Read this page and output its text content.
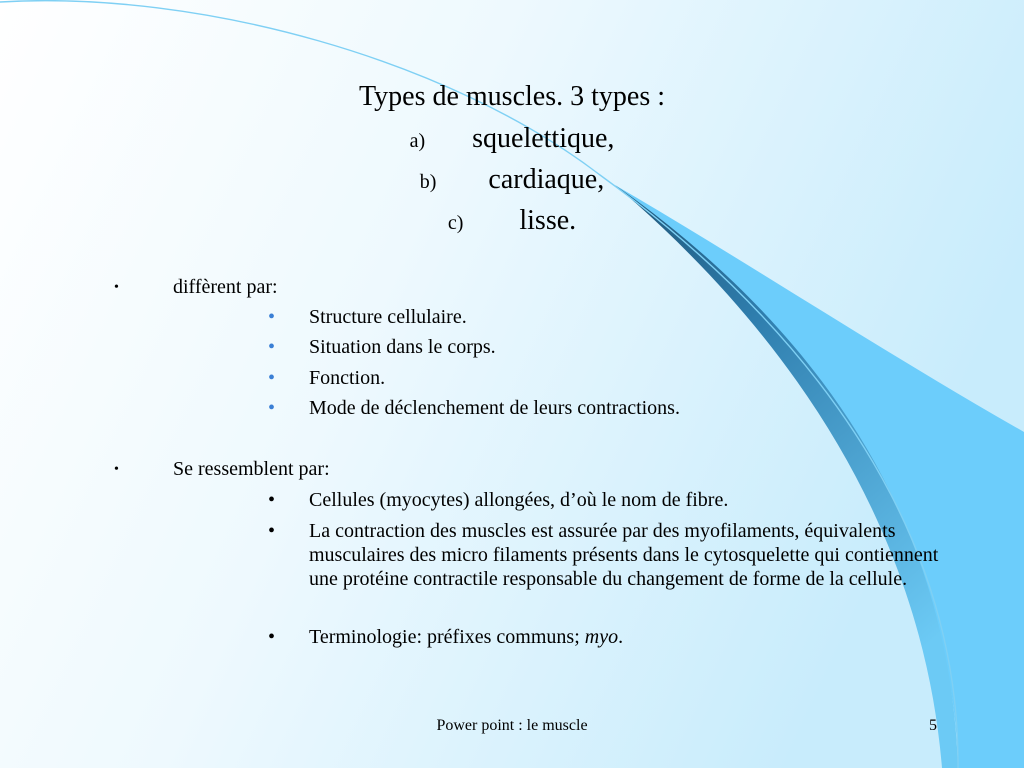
Types de muscles. 3 types :
a) squelettique,
b) cardiaque,
c) lisse.
•	diffèrent par:
•	Structure cellulaire.
•	Situation dans le corps.
•	Fonction.
•	Mode de déclenchement de leurs contractions.
•	Se ressemblent par:
•	Cellules (myocytes) allongées, d’où le nom de fibre.
•	La contraction des muscles est assurée par des myofilaments, équivalents musculaires des micro filaments présents dans le cytosquelette qui contiennent une protéine contractile responsable du changement de forme de la cellule.
•	Terminologie: préfixes communs; myo.
Power point : le muscle	5
